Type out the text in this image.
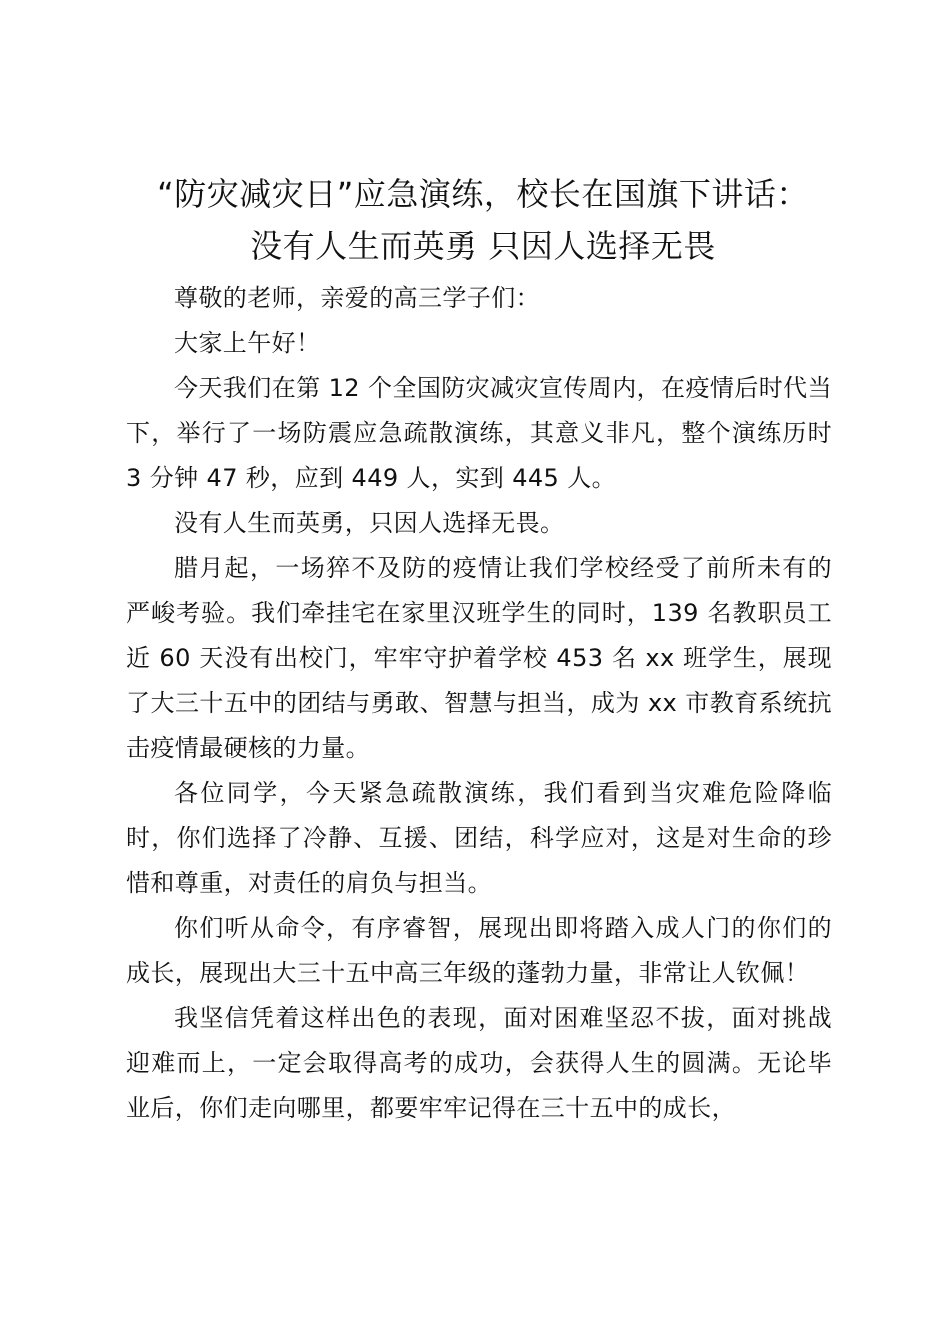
“防灾减灾日”应急演练，校长在国旗下讲话：
没有人生而英勇 只因人选择无畏

尊敬的老师，亲爱的高三学子们：

大家上午好！

今天我们在第 12 个全国防灾减灾宣传周内，在疫情后时代当下，举行了一场防震应急疏散演练，其意义非凡，整个演练历时 3 分钟 47 秒，应到 449 人，实到 445 人。

没有人生而英勇，只因人选择无畏。

腊月起，一场猝不及防的疫情让我们学校经受了前所未有的严峻考验。我们牵挂宅在家里汉班学生的同时，139 名教职员工近 60 天没有出校门，牢牢守护着学校 453 名 xx 班学生，展现了大三十五中的团结与勇敢、智慧与担当，成为 xx 市教育系统抗击疫情最硬核的力量。

各位同学，今天紧急疏散演练，我们看到当灾难危险降临时，你们选择了冷静、互援、团结，科学应对，这是对生命的珍惜和尊重，对责任的肩负与担当。

你们听从命令，有序睿智，展现出即将踏入成人门的你们的成长，展现出大三十五中高三年级的蓬勃力量，非常让人钦佩！

我坚信凭着这样出色的表现，面对困难坚忍不拔，面对挑战迎难而上，一定会取得高考的成功，会获得人生的圆满。无论毕业后，你们走向哪里，都要牢牢记得在三十五中的成长，
